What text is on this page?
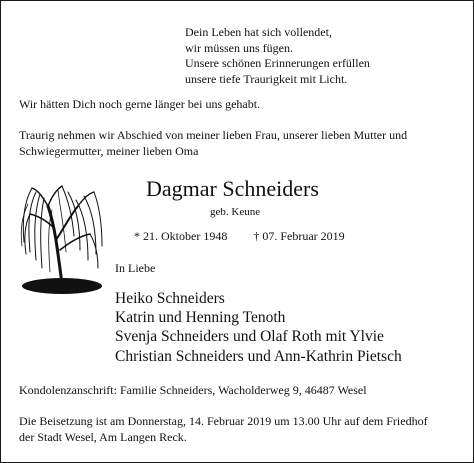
Dein Leben hat sich vollendet,
wir müssen uns fügen.
Unsere schönen Erinnerungen erfüllen
unsere tiefe Traurigkeit mit Licht.
Wir hätten Dich noch gerne länger bei uns gehabt.
Traurig nehmen wir Abschied von meiner lieben Frau, unserer lieben Mutter und
Schwiegermutter, meiner lieben Oma
Dagmar Schneiders
geb. Keune
* 21. Oktober 1948 † 07. Februar 2019
In Liebe
Heiko Schneiders
Katrin und Henning Tenoth
Svenja Schneiders und Olaf Roth mit Ylvie
Christian Schneiders und Ann-Kathrin Pietsch
Kondolenzanschrift: Familie Schneiders, Wacholderweg 9, 46487 Wesel
Die Beisetzung ist am Donnerstag, 14. Februar 2019 um 13.00 Uhr auf dem Friedhof
der Stadt Wesel, Am Langen Reck.
